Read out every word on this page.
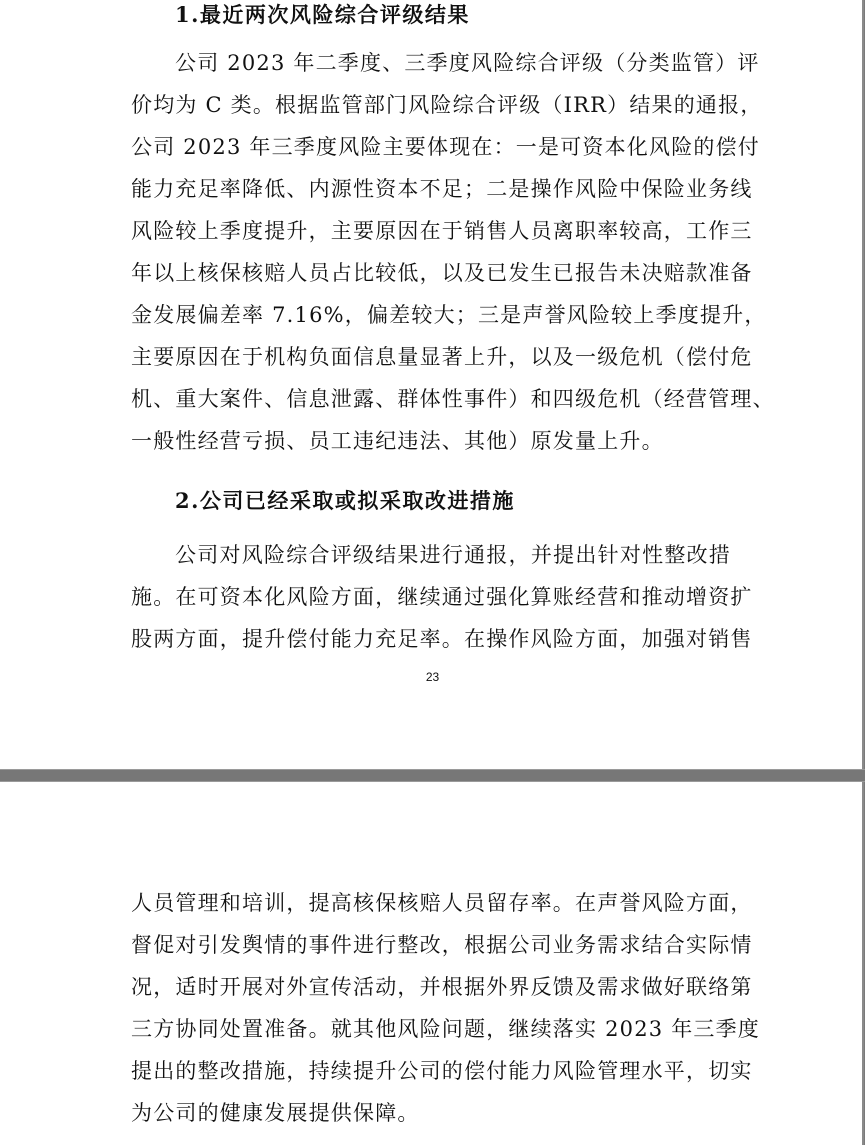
1.最近两次风险综合评级结果
公司 2023 年二季度、三季度风险综合评级（分类监管）评
价均为 C 类。根据监管部门风险综合评级（IRR）结果的通报，
公司 2023 年三季度风险主要体现在：一是可资本化风险的偿付
能力充足率降低、内源性资本不足；二是操作风险中保险业务线
风险较上季度提升，主要原因在于销售人员离职率较高，工作三
年以上核保核赔人员占比较低，以及已发生已报告未决赔款准备
金发展偏差率 7.16%，偏差较大；三是声誉风险较上季度提升，
主要原因在于机构负面信息量显著上升，以及一级危机（偿付危
机、重大案件、信息泄露、群体性事件）和四级危机（经营管理、
一般性经营亏损、员工违纪违法、其他）原发量上升。
2.公司已经采取或拟采取改进措施
公司对风险综合评级结果进行通报，并提出针对性整改措
施。在可资本化风险方面，继续通过强化算账经营和推动增资扩
股两方面，提升偿付能力充足率。在操作风险方面，加强对销售
23
人员管理和培训，提高核保核赔人员留存率。在声誉风险方面，
督促对引发舆情的事件进行整改，根据公司业务需求结合实际情
况，适时开展对外宣传活动，并根据外界反馈及需求做好联络第
三方协同处置准备。就其他风险问题，继续落实 2023 年三季度
提出的整改措施，持续提升公司的偿付能力风险管理水平，切实
为公司的健康发展提供保障。
